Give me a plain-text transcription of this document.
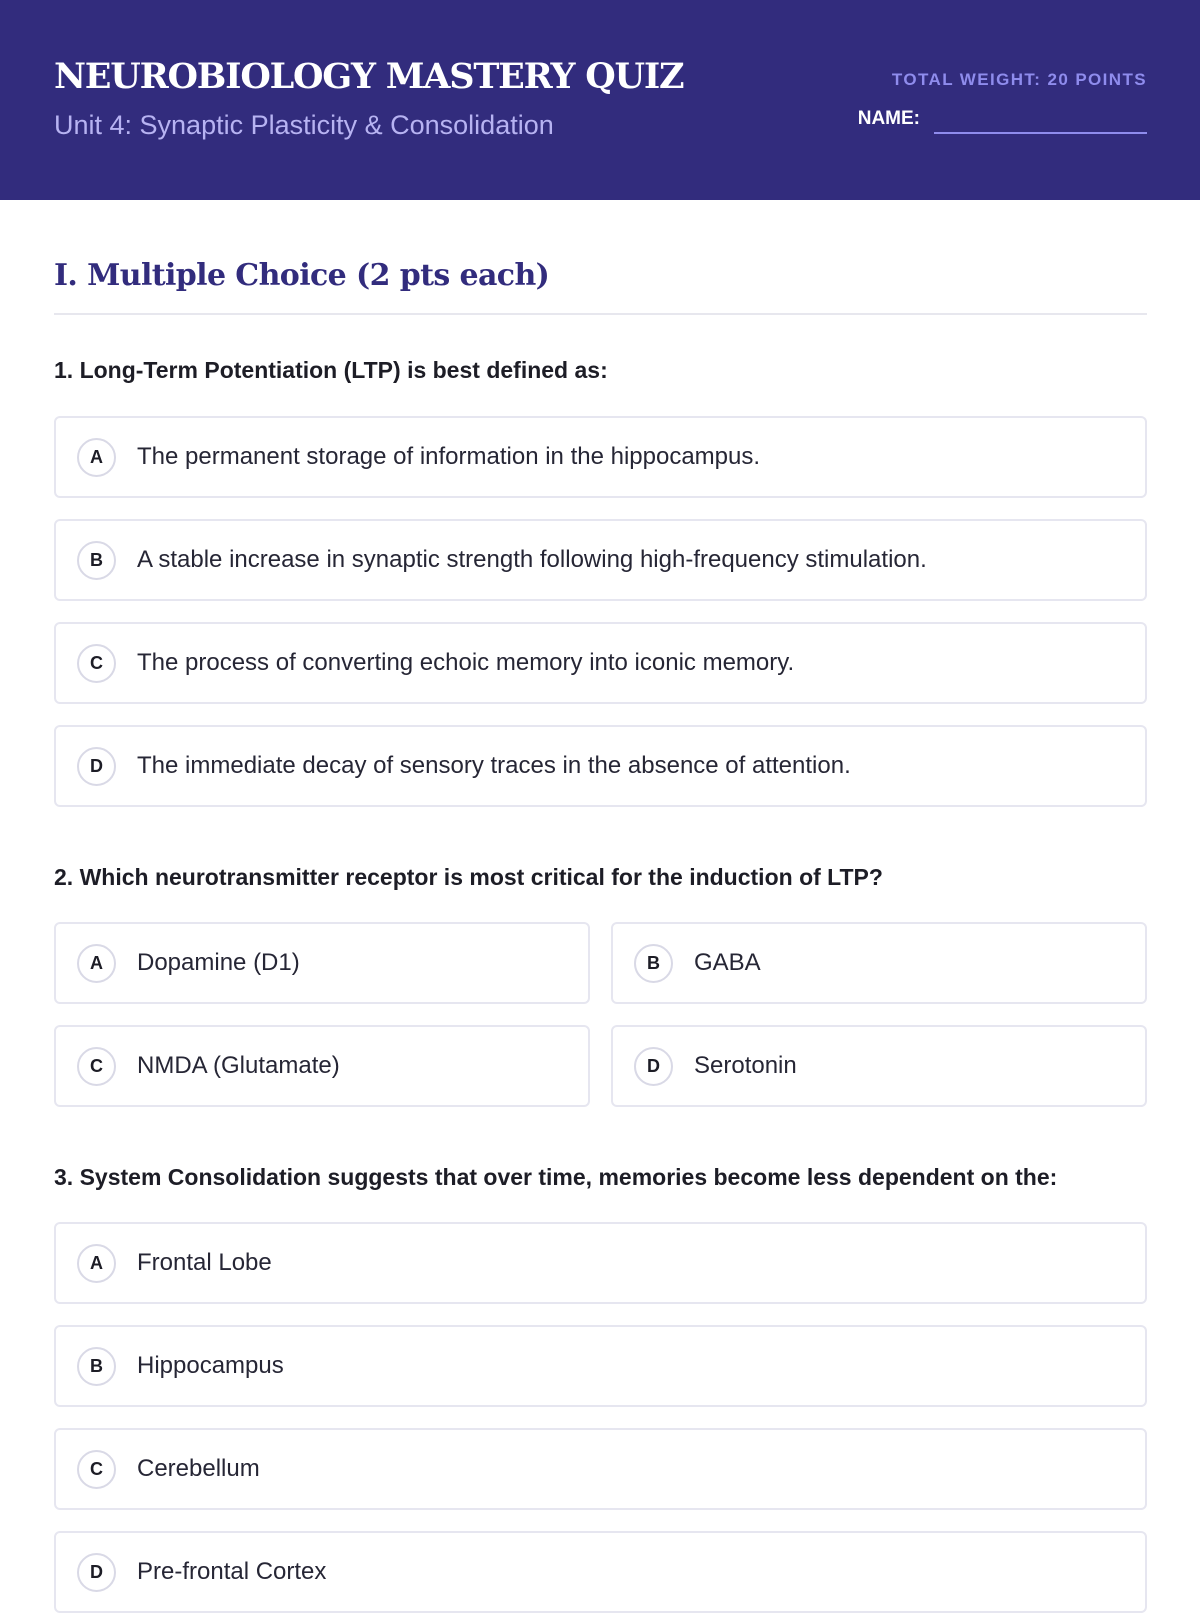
NEUROBIOLOGY MASTERY QUIZ
Unit 4: Synaptic Plasticity & Consolidation
TOTAL WEIGHT: 20 POINTS
NAME:
I. Multiple Choice (2 pts each)

1. Long-Term Potentiation (LTP) is best defined as:

A	The permanent storage of information in the hippocampus.
B	A stable increase in synaptic strength following high-frequency stimulation.
C	The process of converting echoic memory into iconic memory.
D	The immediate decay of sensory traces in the absence of attention.

2. Which neurotransmitter receptor is most critical for the induction of LTP?

A	Dopamine (D1)	B	GABA
C	NMDA (Glutamate)	D	Serotonin

3. System Consolidation suggests that over time, memories become less dependent on the:

A	Frontal Lobe
B	Hippocampus
C	Cerebellum
D	Pre-frontal Cortex
